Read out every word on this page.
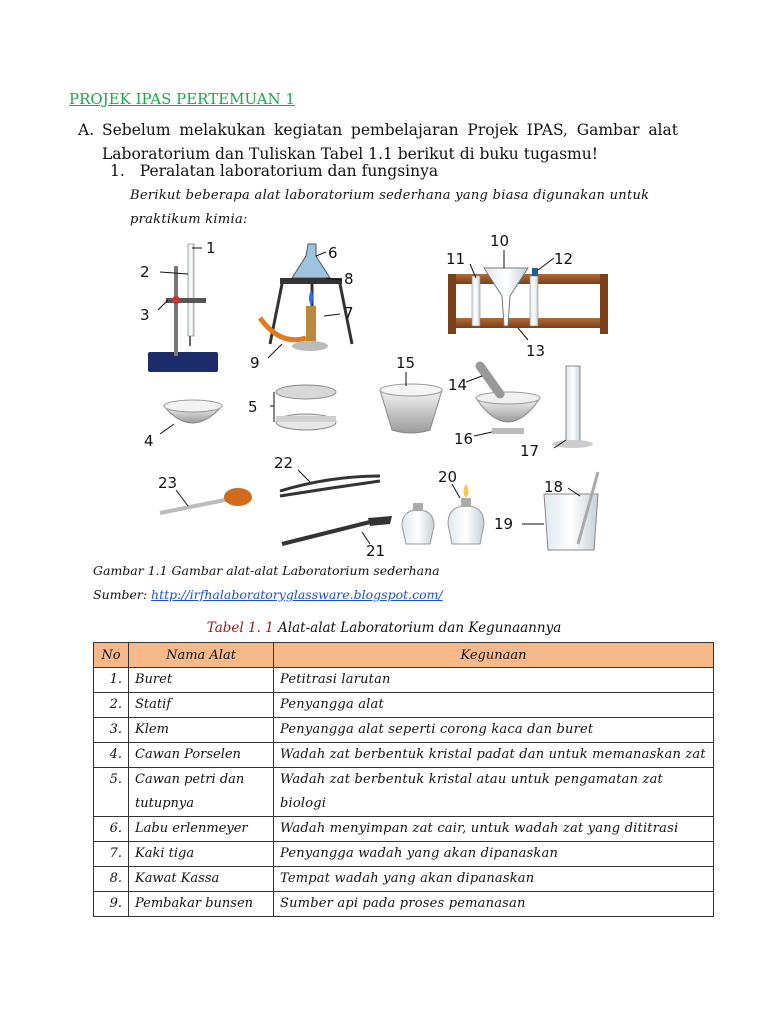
PROJEK IPAS PERTEMUAN 1
A. Sebelum melakukan kegiatan pembelajaran Projek IPAS, Gambar alat Laboratorium dan Tuliskan Tabel 1.1 berikut di buku tugasmu!
1. Peralatan laboratorium dan fungsinya
Berikut beberapa alat laboratorium sederhana yang biasa digunakan untuk praktikum kimia:
1
2
3
4
5
6
7
8
9
10
11	12
13
14
15
16
17
18
19
20
21
22
23
Gambar 1.1 Gambar alat-alat Laboratorium sederhana
Sumber: http://irfhalaboratoryglassware.blogspot.com/
Tabel 1. 1 Alat-alat Laboratorium dan Kegunaannya
No	Nama Alat	Kegunaan
1.	Buret	Petitrasi larutan
2.	Statif	Penyangga alat
3.	Klem	Penyangga alat seperti corong kaca dan buret
4.	Cawan Porselen	Wadah zat berbentuk kristal padat dan untuk memanaskan zat
5.	Cawan petri dan tutupnya	Wadah zat berbentuk kristal atau untuk pengamatan zat biologi
6.	Labu erlenmeyer	Wadah menyimpan zat cair, untuk wadah zat yang dititrasi
7.	Kaki tiga	Penyangga wadah yang akan dipanaskan
8.	Kawat Kassa	Tempat wadah yang akan dipanaskan
9.	Pembakar bunsen	Sumber api pada proses pemanasan
